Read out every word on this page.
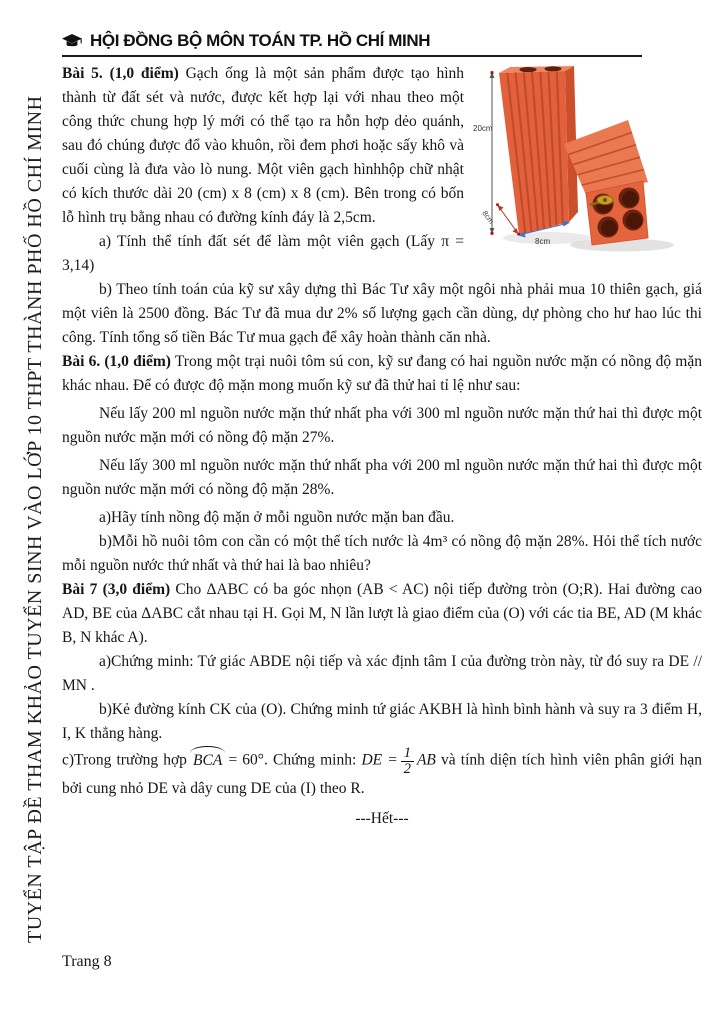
TUYỂN TẬP ĐỀ THAM KHẢO TUYỂN SINH VÀO LỚP 10 THPT THÀNH PHỐ HỒ CHÍ MINH
HỘI ĐỒNG BỘ MÔN TOÁN TP. HỒ CHÍ MINH
20cm
8cm
8cm

Bài 5. (1,0 điểm) Gạch ống là một sản phẩm được tạo hình thành từ đất sét và nước, được kết hợp lại với nhau theo một công thức chung hợp lý mới có thể tạo ra hỗn hợp dẻo quánh, sau đó chúng được đổ vào khuôn, rồi đem phơi hoặc sấy khô và cuối cùng là đưa vào lò nung. Một viên gạch hìnhhộp chữ nhật có kích thước dài 20 (cm) x 8 (cm) x 8 (cm). Bên trong có bốn lỗ hình trụ bằng nhau có đường kính đáy là 2,5cm.

a) Tính thể tính đất sét để làm một viên gạch (Lấy π = 3,14)

b) Theo tính toán của kỹ sư xây dựng thì Bác Tư xây một ngôi nhà phải mua 10 thiên gạch, giá một viên là 2500 đồng. Bác Tư đã mua dư 2% số lượng gạch cần dùng, dự phòng cho hư hao lúc thi công. Tính tổng số tiền Bác Tư mua gạch để xây hoàn thành căn nhà.

Bài 6. (1,0 điểm) Trong một trại nuôi tôm sú con, kỹ sư đang có hai nguồn nước mặn có nồng độ mặn khác nhau. Để có được độ mặn mong muốn kỹ sư đã thử hai tỉ lệ như sau:

Nếu lấy 200 ml nguồn nước mặn thứ nhất pha với 300 ml nguồn nước mặn thứ hai thì được một nguồn nước mặn mới có nồng độ mặn 27%.

Nếu lấy 300 ml nguồn nước mặn thứ nhất pha với 200 ml nguồn nước mặn thứ hai thì được một nguồn nước mặn mới có nồng độ mặn 28%.

a)Hãy tính nồng độ mặn ở mỗi nguồn nước mặn ban đầu.

b)Mỗi hồ nuôi tôm con cần có một thể tích nước là 4m³ có nồng độ mặn 28%. Hỏi thể tích nước mỗi nguồn nước thứ nhất và thứ hai là bao nhiêu?

Bài 7 (3,0 điểm) Cho ΔABC có ba góc nhọn (AB < AC) nội tiếp đường tròn (O;R). Hai đường cao AD, BE của ΔABC cắt nhau tại H. Gọi M, N lần lượt là giao điểm của (O) với các tia BE, AD (M khác B, N khác A).

a)Chứng minh: Tứ giác ABDE nội tiếp và xác định tâm I của đường tròn này, từ đó suy ra DE // MN .

b)Kẻ đường kính CK của (O). Chứng minh tứ giác AKBH là hình bình hành và suy ra 3 điểm H, I, K thẳng hàng.

c)Trong trường hợp BCA = 60°. Chứng minh: DE = $\frac{1}{2}$ AB và tính diện tích hình viên phân giới hạn bởi cung nhỏ DE và dây cung DE của (I) theo R.

---Hết---

Trang 8
